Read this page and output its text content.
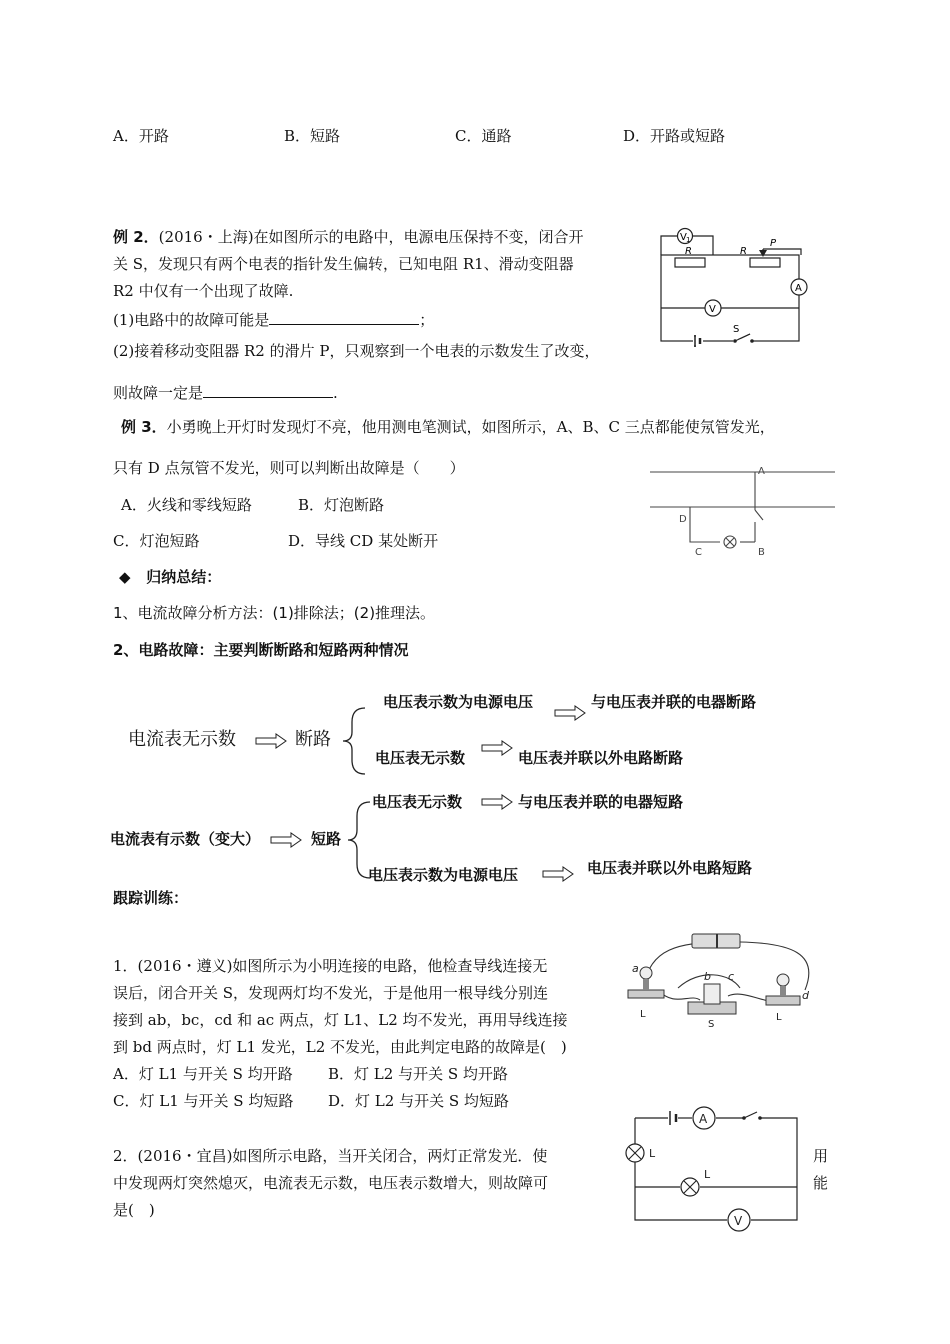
A．开路	B．短路	C．通路	D．开路或短路
例 2．(2016・上海)在如图所示的电路中，电源电压保持不变，闭合开
关 S，发现只有两个电表的指针发生偏转，已知电阻 R1、滑动变阻器
R2 中仅有一个出现了故障.
(1)电路中的故障可能是	；
(2)接着移动变阻器 R2 的滑片 P，只观察到一个电表的示数发生了改变，
则故障一定是	.
V 1
R	R
P
A
V
S
例 3．小勇晚上开灯时发现灯不亮，他用测电笔测试，如图所示，A、B、C 三点都能使氖管发光，
只有 D 点氖管不发光，则可以判断出故障是（　　）
A．火线和零线短路	B．灯泡断路
C．灯泡短路	D．导线 CD 某处断开
A
D
C	B
◆ 归纳总结：
1、电流故障分析方法：(1)排除法；(2)推理法。
2、电路故障：主要判断断路和短路两种情况
电流表无示数	断路
电压表示数为电源电压	与电压表并联的电器断路
电压表无示数	电压表并联以外电路断路
电流表有示数（变大）	短路
电压表无示数	与电压表并联的电器短路
电压表示数为电源电压	电压表并联以外电路短路
跟踪训练：
1．(2016・遵义)如图所示为小明连接的电路，他检查导线连接无
误后，闭合开关 S，发现两灯均不发光，于是他用一根导线分别连
接到 ab，bc，cd 和 ac 两点，灯 L1、L2 均不发光，再用导线连接
到 bd 两点时，灯 L1 发光，L2 不发光，由此判定电路的故障是(　)
A．灯 L1 与开关 S 均开路 B．灯 L2 与开关 S 均开路
C．灯 L1 与开关 S 均短路 D．灯 L2 与开关 S 均短路
a
b c
d
L
S
L
2．(2016・宜昌)如图所示电路，当开关闭合，两灯正常发光．使	用
中发现两灯突然熄灭，电流表无示数，电压表示数增大，则故障可	能
是(　)
A
V
L
L
